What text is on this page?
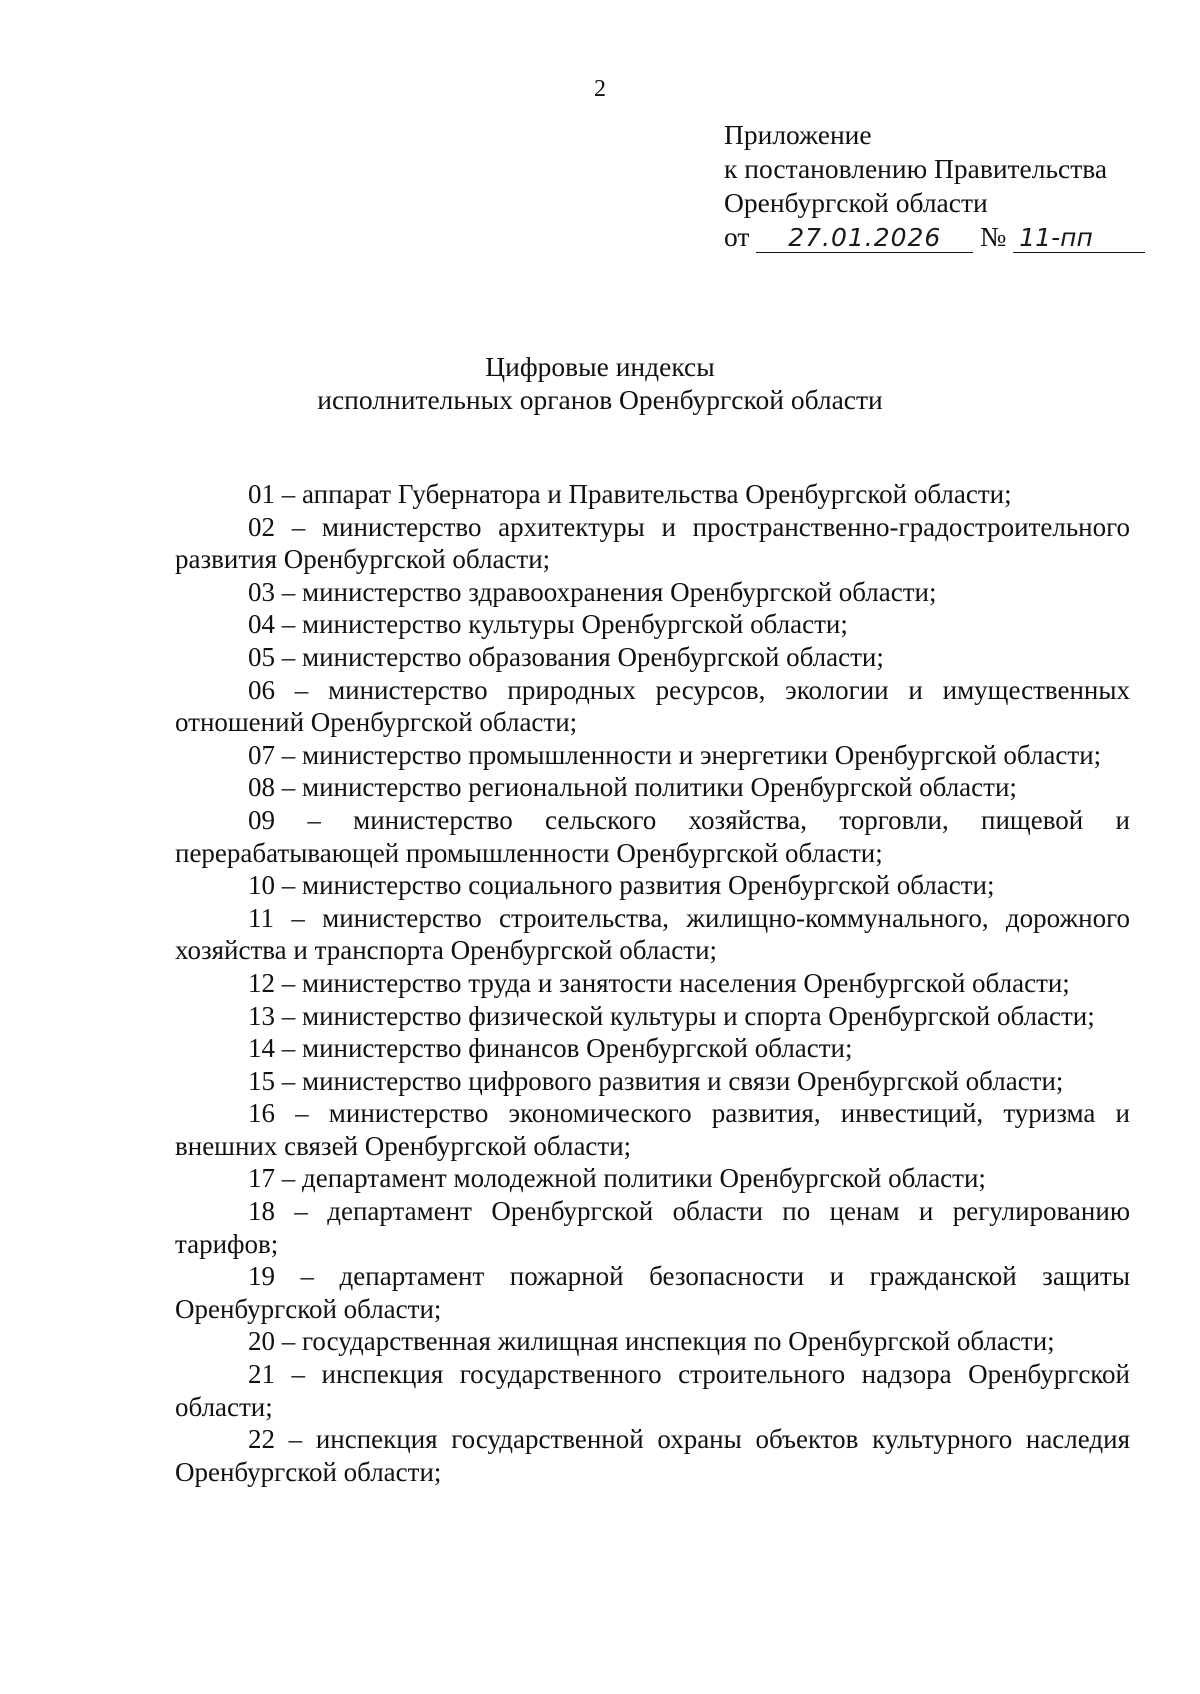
2
Приложение
к постановлению Правительства
Оренбургской области
от 27.01.2026 № 11-пп
Цифровые индексы
исполнительных органов Оренбургской области

01 – аппарат Губернатора и Правительства Оренбургской области;

02 – министерство архитектуры и пространственно-градостроительного развития Оренбургской области;

03 – министерство здравоохранения Оренбургской области;

04 – министерство культуры Оренбургской области;

05 – министерство образования Оренбургской области;

06 – министерство природных ресурсов, экологии и имущественных отношений Оренбургской области;

07 – министерство промышленности и энергетики Оренбургской области;

08 – министерство региональной политики Оренбургской области;

09 – министерство сельского хозяйства, торговли, пищевой и перерабатывающей промышленности Оренбургской области;

10 – министерство социального развития Оренбургской области;

11 – министерство строительства, жилищно-коммунального, дорожного хозяйства и транспорта Оренбургской области;

12 – министерство труда и занятости населения Оренбургской области;

13 – министерство физической культуры и спорта Оренбургской области;

14 – министерство финансов Оренбургской области;

15 – министерство цифрового развития и связи Оренбургской области;

16 – министерство экономического развития, инвестиций, туризма и внешних связей Оренбургской области;

17 – департамент молодежной политики Оренбургской области;

18 – департамент Оренбургской области по ценам и регулированию тарифов;

19 – департамент пожарной безопасности и гражданской защиты Оренбургской области;

20 – государственная жилищная инспекция по Оренбургской области;

21 – инспекция государственного строительного надзора Оренбургской области;

22 – инспекция государственной охраны объектов культурного наследия Оренбургской области;
